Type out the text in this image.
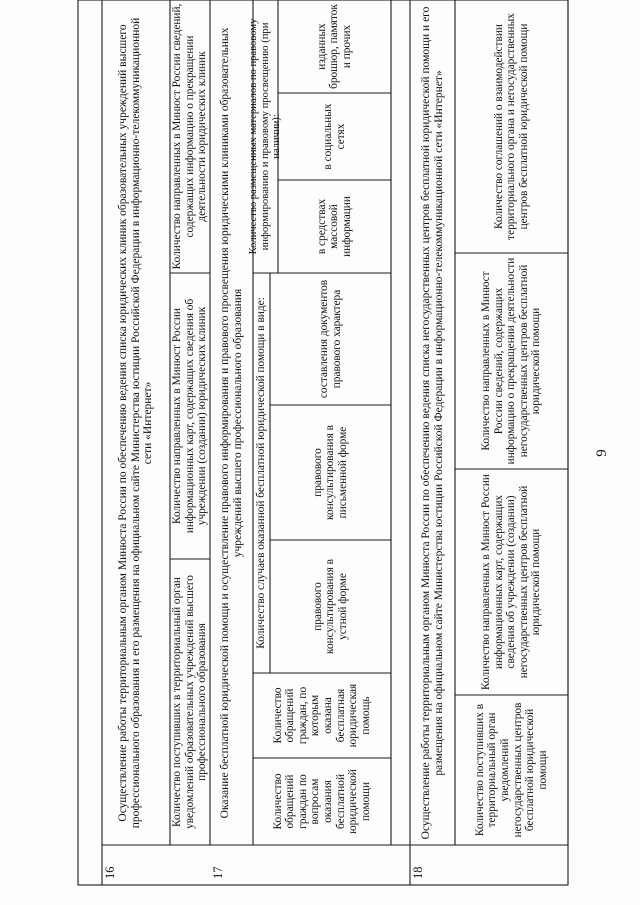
9
16
Осуществление работы территориальным органом Минюста России по обеспечению ведения списка юридических клиник образовательных учреждений высшего профессионального образования и его размещения на официальном сайте Министерства юстиции Российской Федерации в информационно-телекоммуникационной сети «Интернет»
Количество поступивших в территориальный орган уведомлений образовательных учреждений высшего профессионального образования
Количество направленных в Минюст России информационных карт, содержащих сведения об учреждении (создании) юридических клиник
Количество направленных в Минюст России сведений, содержащих информацию о прекращении деятельности юридических клиник
17
Оказание бесплатной юридической помощи и осуществление правового информирования и правового просвещения юридическими клиниками образовательных учреждений высшего профессионального образования
Количество обращений граждан по вопросам оказания бесплатной юридической помощи
Количество обращений граждан, по которым оказана бесплатная юридическая помощь
Количество случаев оказанной бесплатной юридической помощи в виде:	правового консультирования в устной форме
правового консультирования в письменной форме
составления документов правового характера
Количество размещенных материалов по правовому информированию и правовому просвещению (при наличии):
в средствах массовой информации
в социальных сетях
изданных брошюр, памяток и прочих
18
Осуществление работы территориальным органом Минюста России по обеспечению ведения списка негосударственных центров бесплатной юридической помощи и его размещения на официальном сайте Министерства юстиции Российской Федерации в информационно-телекоммуникационной сети «Интернет»	Количество поступивших в территориальный орган уведомлений негосударственных центров бесплатной юридической помощи
Количество направленных в Минюст России информационных карт, содержащих сведения об учреждении (создании) негосударственных центров бесплатной юридической помощи
Количество направленных в Минюст России сведений, содержащих информацию о прекращении деятельности негосударственных центров бесплатной юридической помощи
Количество соглашений о взаимодействии территориального органа и негосударственных центров бесплатной юридической помощи
